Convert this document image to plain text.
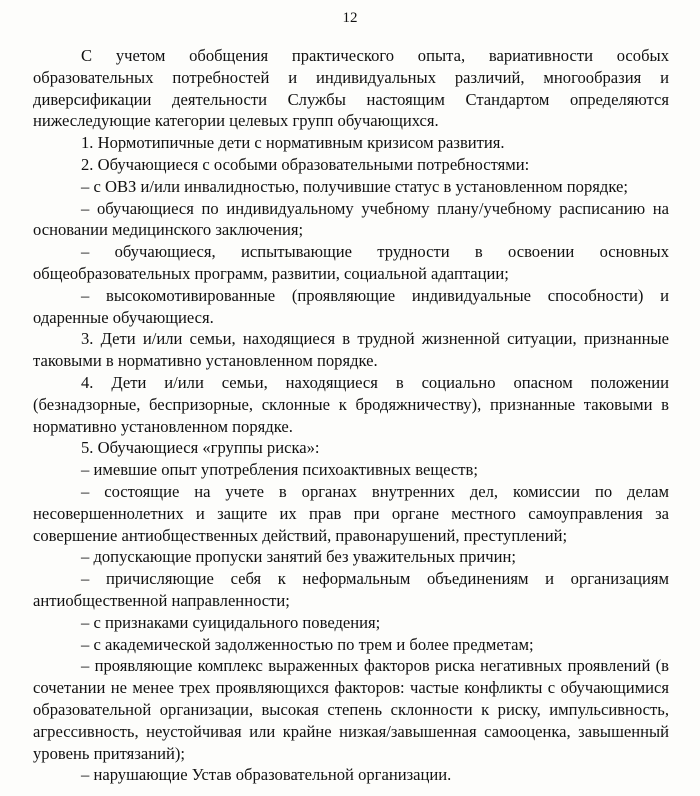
12

С учетом обобщения практического опыта, вариативности особых образовательных потребностей и индивидуальных различий, многообразия и диверсификации деятельности Службы настоящим Стандартом определяются нижеследующие категории целевых групп обучающихся.

1. Нормотипичные дети с нормативным кризисом развития.

2. Обучающиеся с особыми образовательными потребностями:

– с ОВЗ и/или инвалидностью, получившие статус в установленном порядке;

– обучающиеся по индивидуальному учебному плану/учебному расписанию на основании медицинского заключения;

– обучающиеся, испытывающие трудности в освоении основных общеобразовательных программ, развитии, социальной адаптации;

– высокомотивированные (проявляющие индивидуальные способности) и одаренные обучающиеся.

3. Дети и/или семьи, находящиеся в трудной жизненной ситуации, признанные таковыми в нормативно установленном порядке.

4. Дети и/или семьи, находящиеся в социально опасном положении (безнадзорные, беспризорные, склонные к бродяжничеству), признанные таковыми в нормативно установленном порядке.

5. Обучающиеся «группы риска»:

– имевшие опыт употребления психоактивных веществ;

– состоящие на учете в органах внутренних дел, комиссии по делам несовершеннолетних и защите их прав при органе местного самоуправления за совершение антиобщественных действий, правонарушений, преступлений;

– допускающие пропуски занятий без уважительных причин;

– причисляющие себя к неформальным объединениям и организациям антиобщественной направленности;

– с признаками суицидального поведения;

– с академической задолженностью по трем и более предметам;

– проявляющие комплекс выраженных факторов риска негативных проявлений (в сочетании не менее трех проявляющихся факторов: частые конфликты с обучающимися образовательной организации, высокая степень склонности к риску, импульсивность, агрессивность, неустойчивая или крайне низкая/завышенная самооценка, завышенный уровень притязаний);

– нарушающие Устав образовательной организации.
